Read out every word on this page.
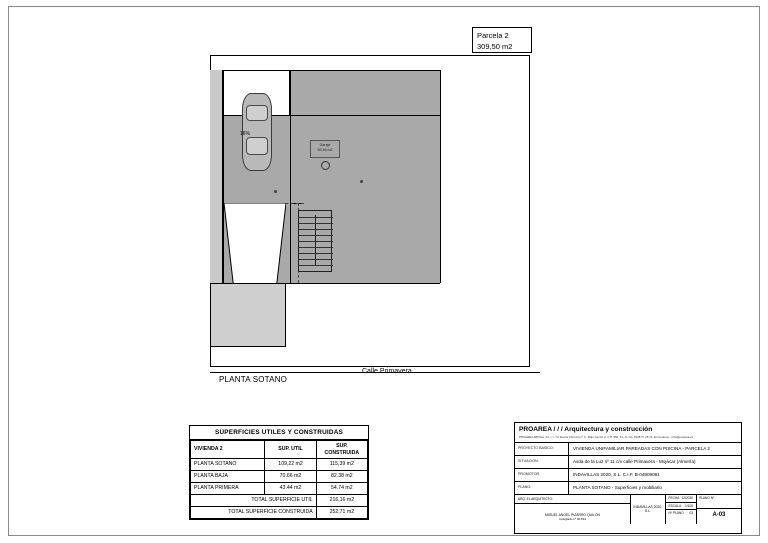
Parcela 2
309,50 m2
Garaje
59.46 m2
16%
Calle Primavera
PLANTA SOTANO
SUPERFICIES UTILES Y CONSTRUIDAS
VIVIENDA 2	SUP. UTIL	SUP. CONSTRUIDA
PLANTA SOTANO	109,22 m2	115,39 m2
PLANTA BAJA	70.66 m2	82.38 m2
PLANTA PRIMERA	43.44 m2	54.74 m2
TOTAL SUPERFICIE UTIL		216,16 m2
TOTAL SUPERFICIE CONSTRUIDA		252,71 m2
PROAREA / / / Arquitectura y construcción
PROAREA ABOGA, S.L. / / / C/ Doctor Fleming nº 3 - Bajo Centro 2, C.P. 950, S.L.N. No. 0108 Tr. 28.74. El Condeno - info@proarea.es
PROYECTO BASICO:	VIVIENDA UNIFAMILIAR PAREADAS CON PISCINA - PARCELA 2
SITUACION:	Avda de la Luz nº 11 c/v calle Primavera - Mojácar (Almería)
PROMOTOR:	INDAVILLAS 2020, S.L. C.I.F. B-04909081
PLANO:	PLANTA SOTANO - Superficies y mobiliario
ARQ. EL ARQUITECTO:
MIGUEL ANGEL PIZARRO QUILON
Colegiado nº 30.819
INDAVILLAS 2020, S.L.
FECHA 12/2020
ESCALA 1/100
Nº PLANO 03
PLANO Nº
A-03
